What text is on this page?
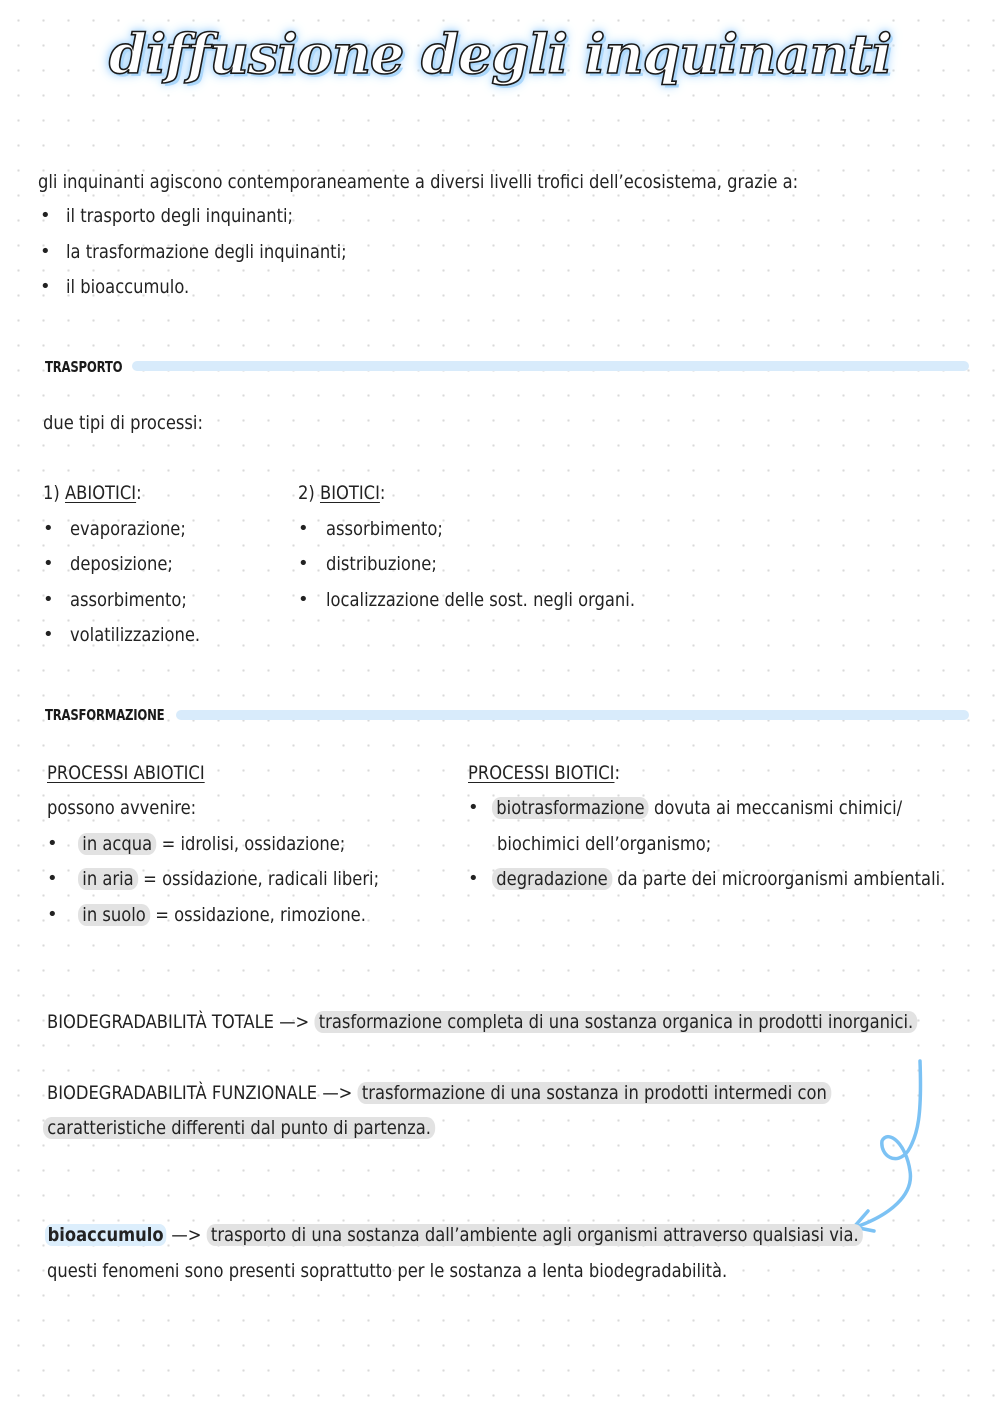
diffusione degli inquinanti
gli inquinanti agiscono contemporaneamente a diversi livelli trofici dell’ecosistema, grazie a:
• il trasporto degli inquinanti;
• la trasformazione degli inquinanti;
• il bioaccumulo.
TRASPORTO
due tipi di processi:
1) ABIOTICI:
• evaporazione;
• deposizione;
• assorbimento;
• volatilizzazione.
2) BIOTICI:
• assorbimento;
• distribuzione;
• localizzazione delle sost. negli organi.
TRASFORMAZIONE
PROCESSI ABIOTICI
possono avvenire:
• in acqua = idrolisi, ossidazione;
• in aria = ossidazione, radicali liberi;
• in suolo = ossidazione, rimozione.
PROCESSI BIOTICI:
• biotrasformazione dovuta ai meccanismi chimici/
biochimici dell’organismo;
• degradazione da parte dei microorganismi ambientali.
BIODEGRADABILITÀ TOTALE —> trasformazione completa di una sostanza organica in prodotti inorganici.
BIODEGRADABILITÀ FUNZIONALE —> trasformazione di una sostanza in prodotti intermedi con
caratteristiche differenti dal punto di partenza.
bioaccumulo —> trasporto di una sostanza dall’ambiente agli organismi attraverso qualsiasi via.
questi fenomeni sono presenti soprattutto per le sostanza a lenta biodegradabilità.
